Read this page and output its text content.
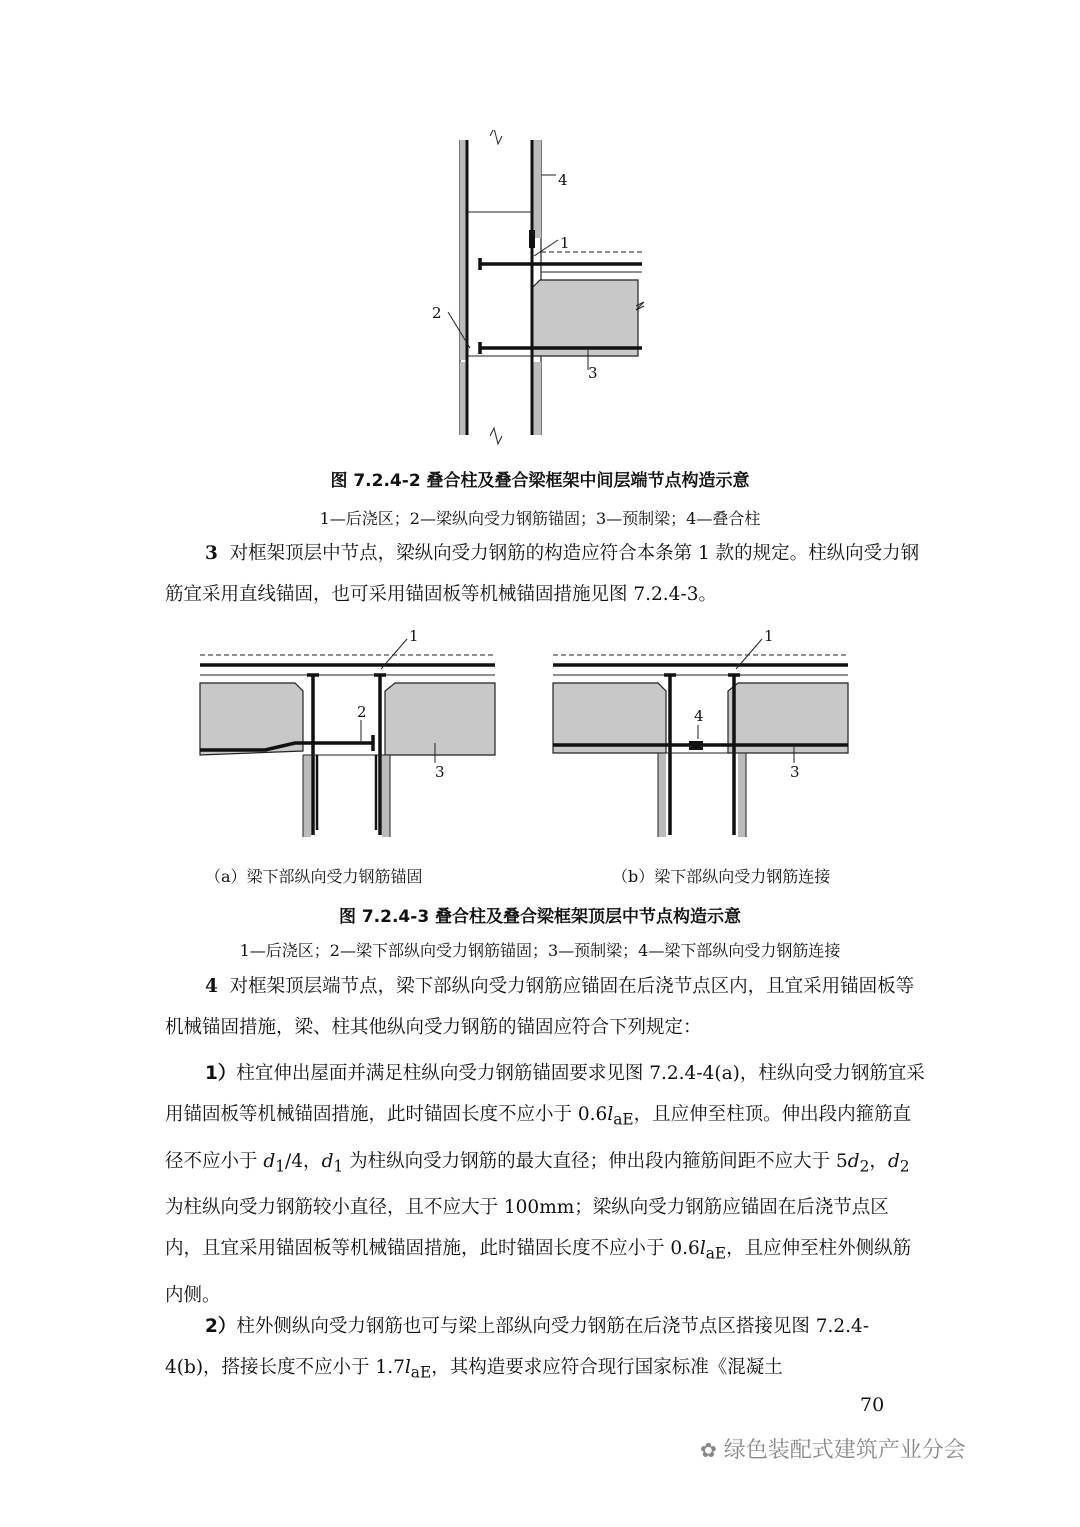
4
1
2
3
图 7.2.4-2 叠合柱及叠合梁框架中间层端节点构造示意
1—后浇区；2—梁纵向受力钢筋锚固；3—预制梁；4—叠合柱
3 对框架顶层中节点，梁纵向受力钢筋的构造应符合本条第 1 款的规定。柱纵向受力钢筋宜采用直线锚固，也可采用锚固板等机械锚固措施见图 7.2.4-3。
1
2
3
1
4
3
（a）梁下部纵向受力钢筋锚固	（b）梁下部纵向受力钢筋连接
图 7.2.4-3 叠合柱及叠合梁框架顶层中节点构造示意
1—后浇区；2—梁下部纵向受力钢筋锚固；3—预制梁；4—梁下部纵向受力钢筋连接
4 对框架顶层端节点，梁下部纵向受力钢筋应锚固在后浇节点区内，且宜采用锚固板等机械锚固措施，梁、柱其他纵向受力钢筋的锚固应符合下列规定：
1）柱宜伸出屋面并满足柱纵向受力钢筋锚固要求见图 7.2.4-4(a)，柱纵向受力钢筋宜采用锚固板等机械锚固措施，此时锚固长度不应小于 $0.6l_{aE}$，且应伸至柱顶。伸出段内箍筋直径不应小于 $d_1/4$，$d_1$ 为柱纵向受力钢筋的最大直径；伸出段内箍筋间距不应大于 $5d_2$，$d_2$ 为柱纵向受力钢筋较小直径，且不应大于 100mm；梁纵向受力钢筋应锚固在后浇节点区内，且宜采用锚固板等机械锚固措施，此时锚固长度不应小于 $0.6l_{aE}$，且应伸至柱外侧纵筋内侧。
2）柱外侧纵向受力钢筋也可与梁上部纵向受力钢筋在后浇节点区搭接见图 7.2.4-4(b)，搭接长度不应小于 $1.7l_{aE}$，其构造要求应符合现行国家标准《混凝土
70
✿ 绿色装配式建筑产业分会
